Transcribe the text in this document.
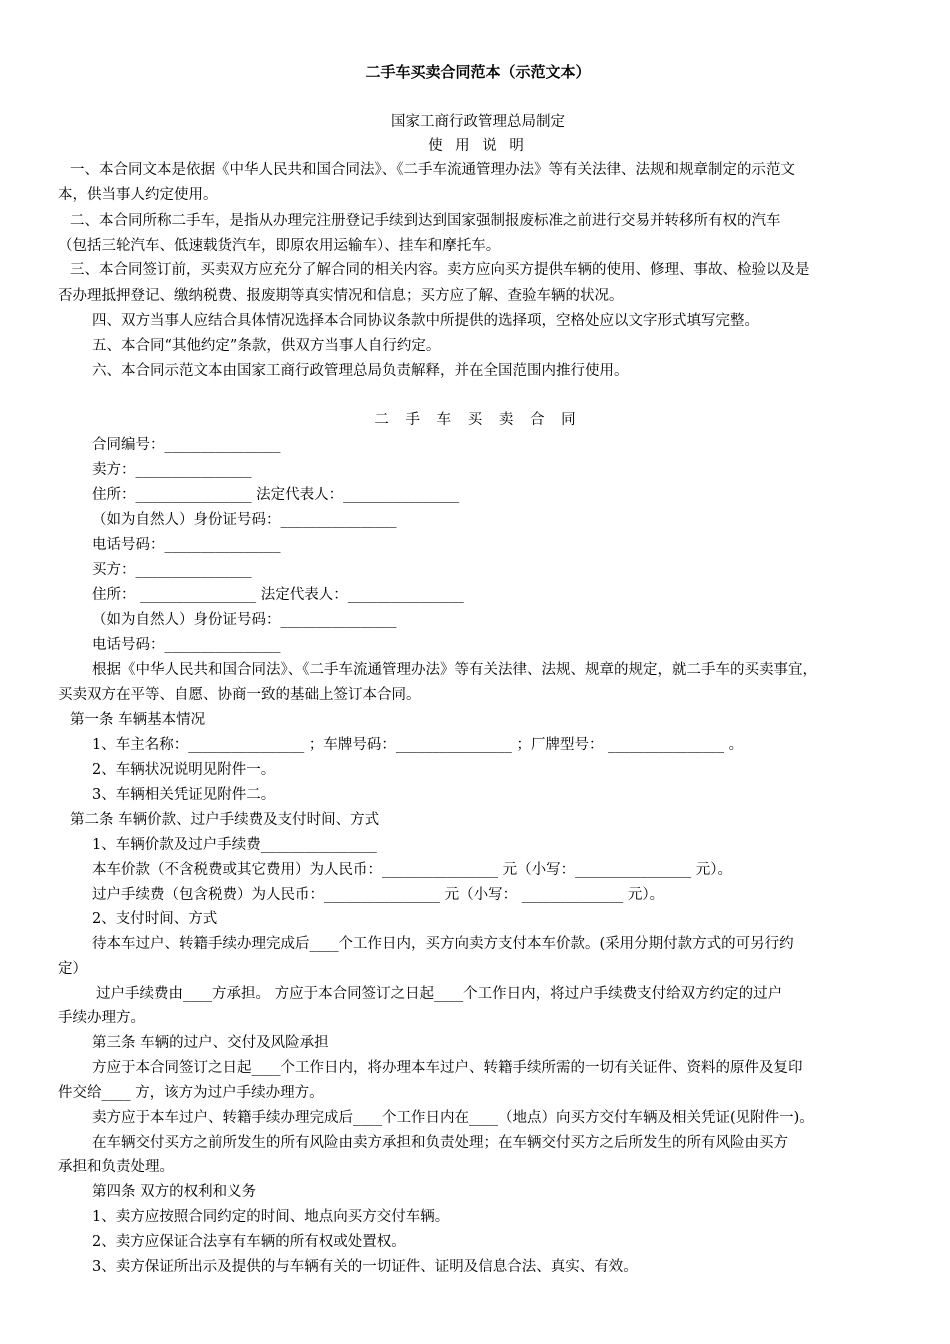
二手车买卖合同范本（示范文本）
国家工商行政管理总局制定
使 用 说 明
一、本合同文本是依据《中华人民共和国合同法》、《二手车流通管理办法》等有关法律、法规和规章制定的示范文
本，供当事人约定使用。
二、本合同所称二手车，是指从办理完注册登记手续到达到国家强制报废标准之前进行交易并转移所有权的汽车
（包括三轮汽车、低速载货汽车，即原农用运输车）、挂车和摩托车。
三、本合同签订前，买卖双方应充分了解合同的相关内容。卖方应向买方提供车辆的使用、修理、事故、检验以及是
否办理抵押登记、缴纳税费、报废期等真实情况和信息；买方应了解、查验车辆的状况。
四、双方当事人应结合具体情况选择本合同协议条款中所提供的选择项，空格处应以文字形式填写完整。
五、本合同“其他约定”条款，供双方当事人自行约定。
六、本合同示范文本由国家工商行政管理总局负责解释，并在全国范围内推行使用。
二 手 车 买 卖 合 同
合同编号：________________
卖方：________________
住所：________________ 法定代表人：________________
（如为自然人）身份证号码：________________
电话号码：________________
买方：________________
住所： ________________ 法定代表人：________________
（如为自然人）身份证号码：________________
电话号码：________________
根据《中华人民共和国合同法》、《二手车流通管理办法》等有关法律、法规、规章的规定，就二手车的买卖事宜，
买卖双方在平等、自愿、协商一致的基础上签订本合同。
第一条 车辆基本情况
1、车主名称：________________ ；车牌号码：________________ ；厂牌型号： ________________ 。
2、车辆状况说明见附件一。
3、车辆相关凭证见附件二。
第二条 车辆价款、过户手续费及支付时间、方式
1、车辆价款及过户手续费________________
本车价款（不含税费或其它费用）为人民币：________________ 元（小写：________________ 元）。
过户手续费（包含税费）为人民币：________________ 元（小写： ______________ 元）。
2、支付时间、方式
待本车过户、转籍手续办理完成后____个工作日内，买方向卖方支付本车价款。(采用分期付款方式的可另行约
定）
过户手续费由____方承担。 方应于本合同签订之日起____个工作日内，将过户手续费支付给双方约定的过户
手续办理方。
第三条 车辆的过户、交付及风险承担
方应于本合同签订之日起____个工作日内，将办理本车过户、转籍手续所需的一切有关证件、资料的原件及复印
件交给____ 方，该方为过户手续办理方。
卖方应于本车过户、转籍手续办理完成后____个工作日内在____（地点）向买方交付车辆及相关凭证(见附件一)。
在车辆交付买方之前所发生的所有风险由卖方承担和负责处理；在车辆交付买方之后所发生的所有风险由买方
承担和负责处理。
第四条 双方的权利和义务
1、卖方应按照合同约定的时间、地点向买方交付车辆。
2、卖方应保证合法享有车辆的所有权或处置权。
3、卖方保证所出示及提供的与车辆有关的一切证件、证明及信息合法、真实、有效。
